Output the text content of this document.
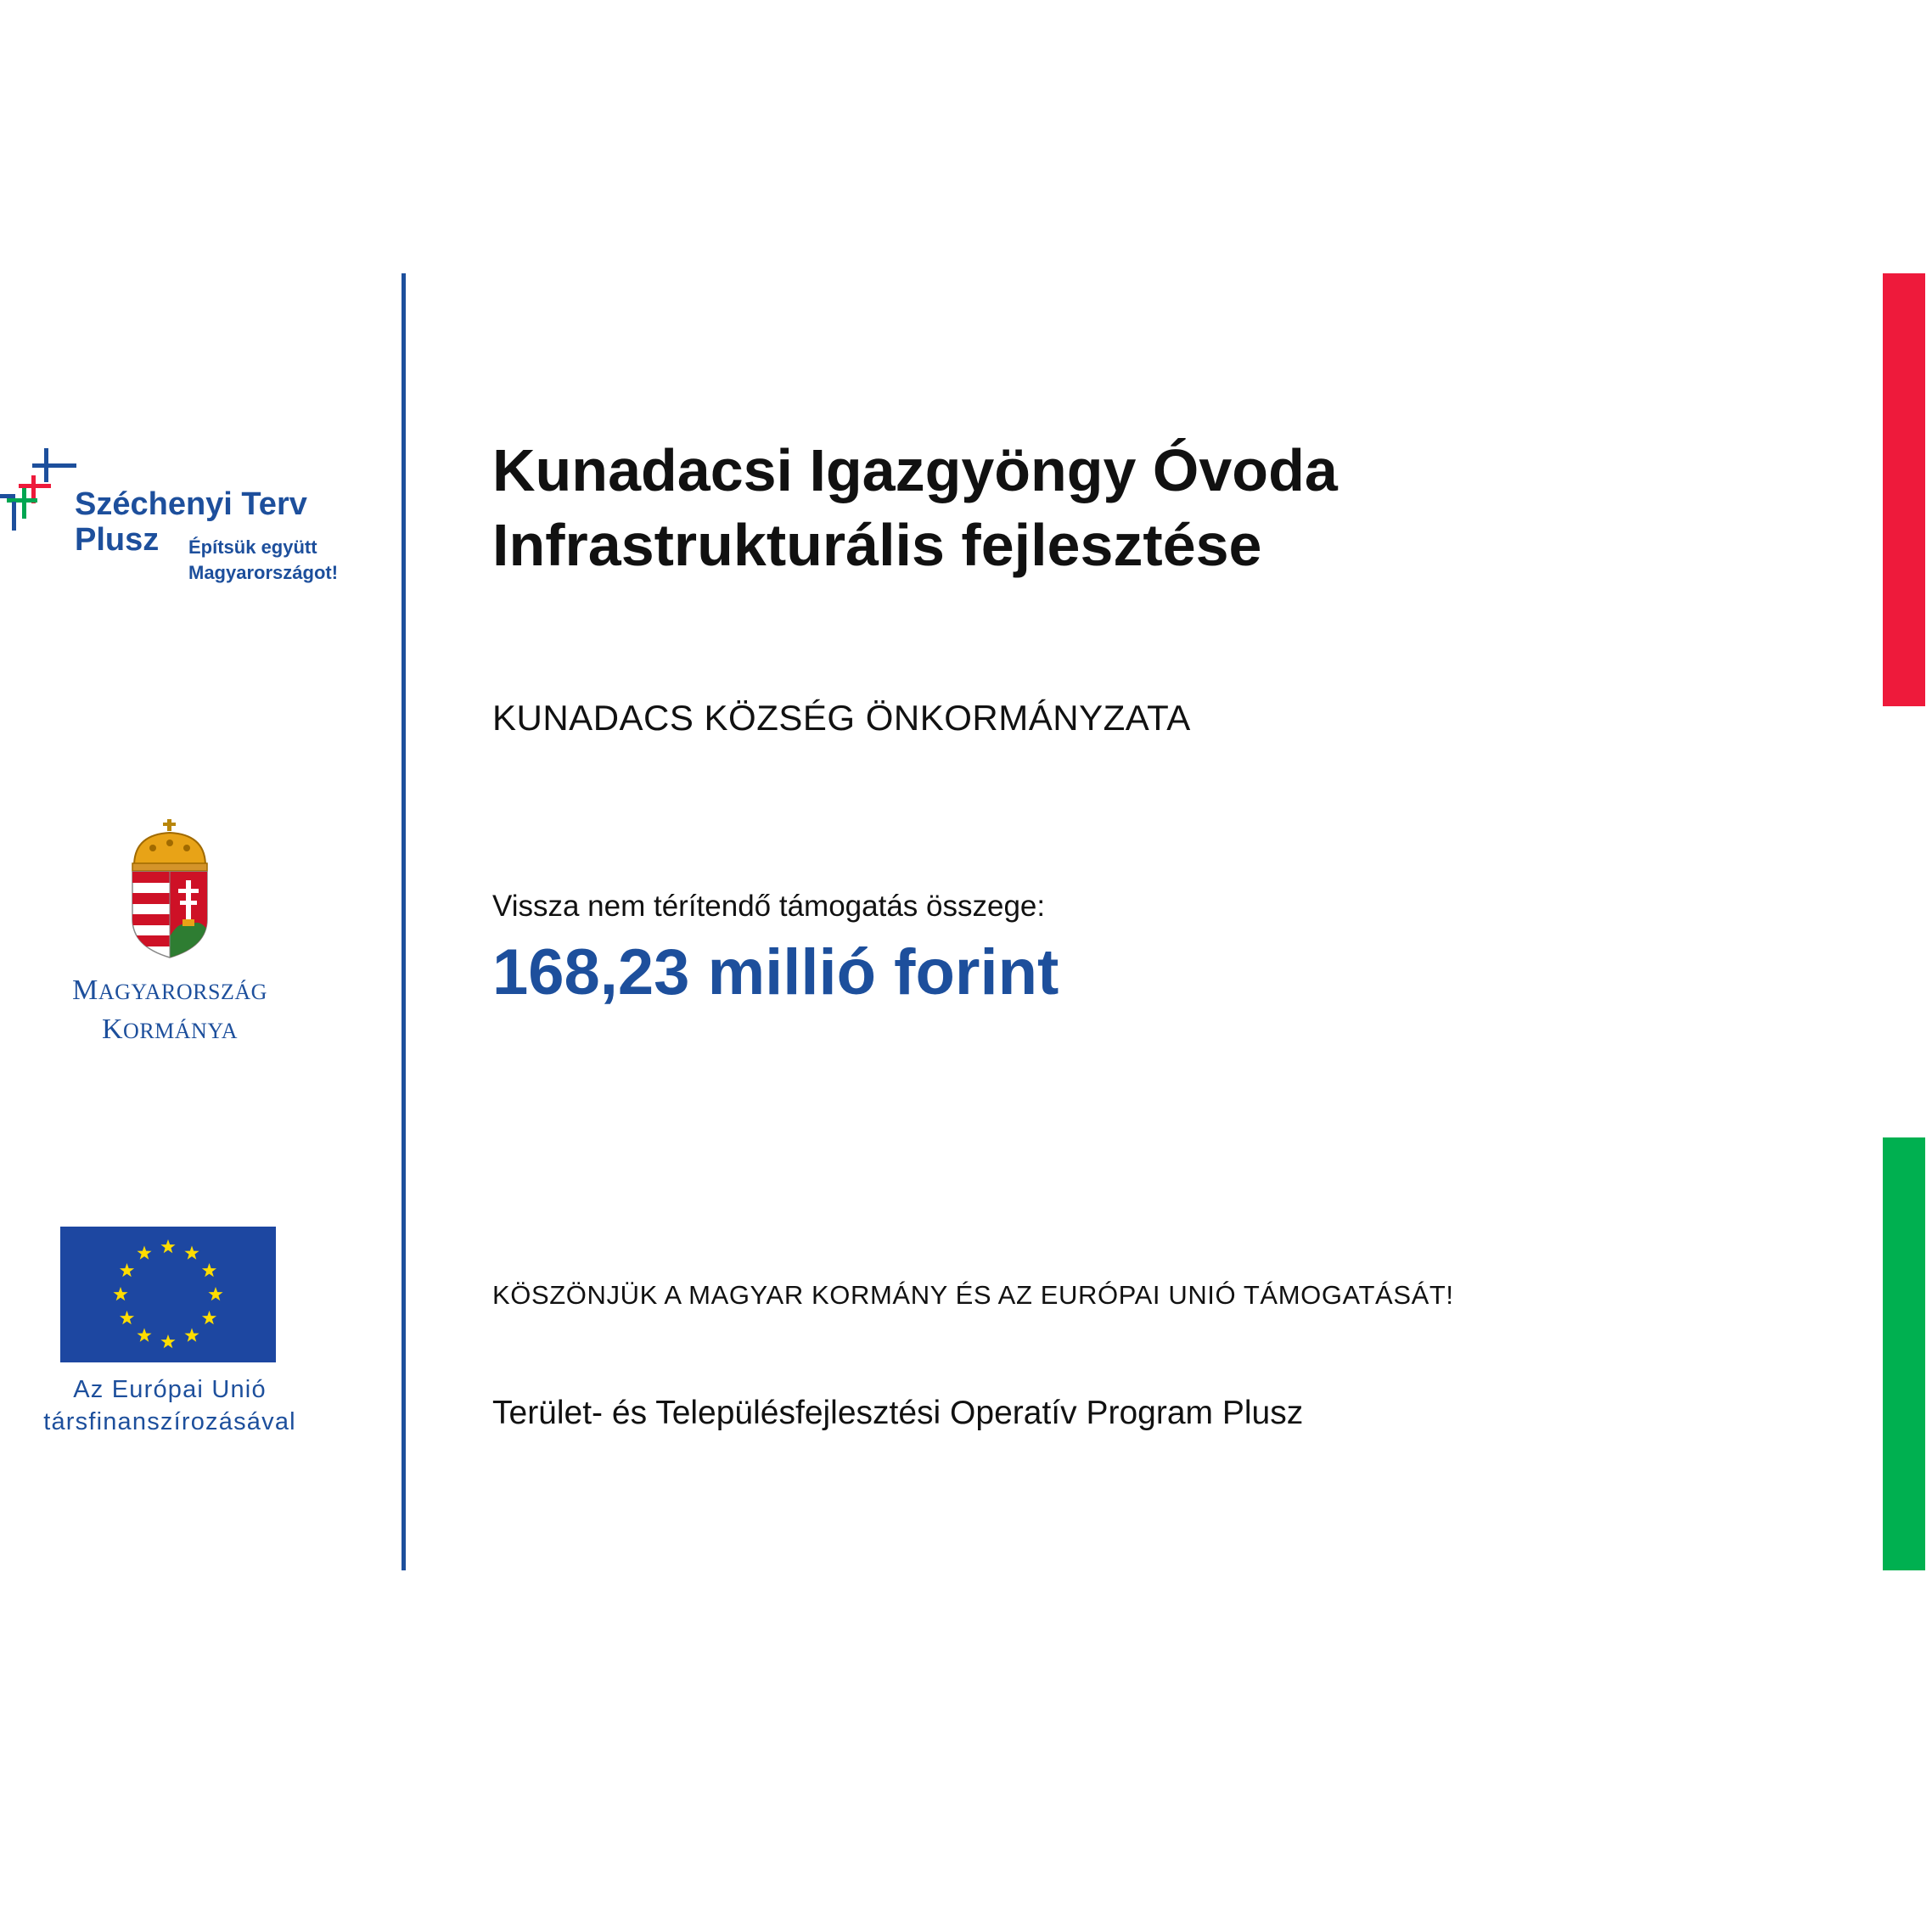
Széchenyi Terv
Plusz Építsük együtt
Magyarországot!
MAGYARORSZÁG
KORMÁNYA
Az Európai Unió
társfinanszírozásával
Kunadacsi Igazgyöngy Óvoda
Infrastrukturális fejlesztése
KUNADACS KÖZSÉG ÖNKORMÁNYZATA
Vissza nem térítendő támogatás összege:
168,23 millió forint
KÖSZÖNJÜK A MAGYAR KORMÁNY ÉS AZ EURÓPAI UNIÓ TÁMOGATÁSÁT!
Terület- és Településfejlesztési Operatív Program Plusz
